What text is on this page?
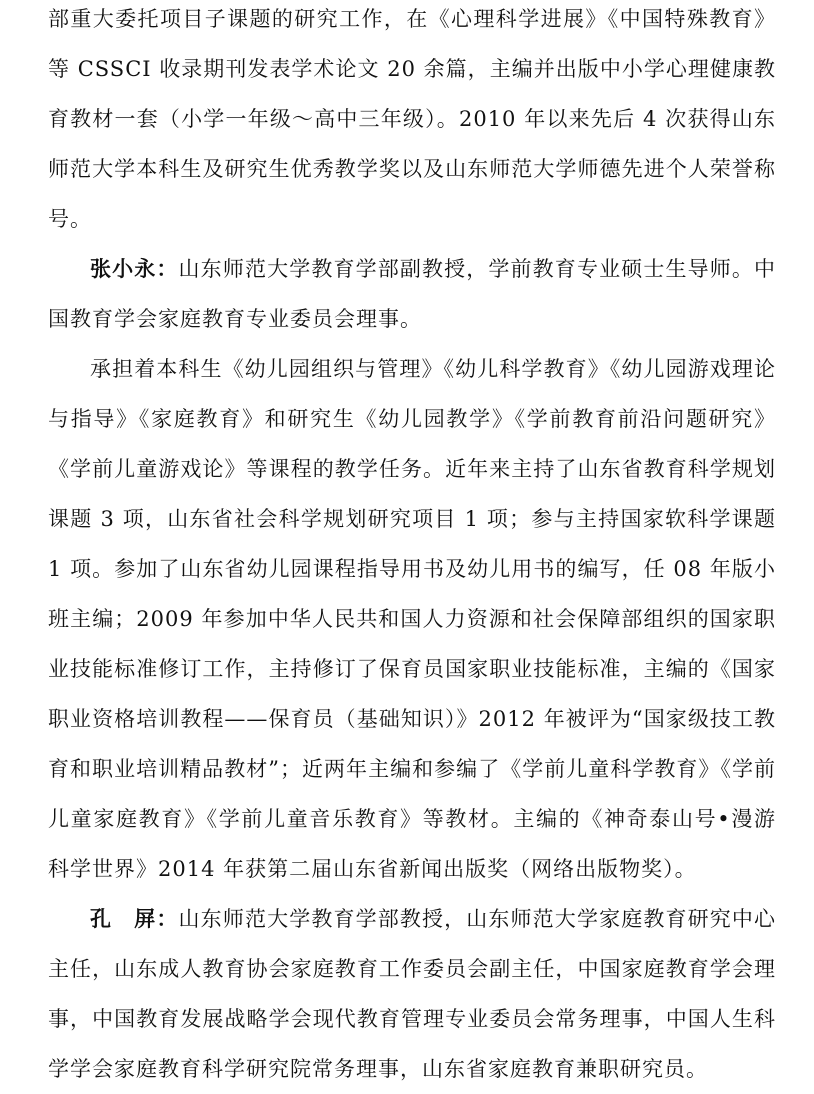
部重大委托项目子课题的研究工作，在《心理科学进展》《中国特殊教育》等 CSSCI 收录期刊发表学术论文 20 余篇，主编并出版中小学心理健康教育教材一套（小学一年级～高中三年级）。2010 年以来先后 4 次获得山东师范大学本科生及研究生优秀教学奖以及山东师范大学师德先进个人荣誉称号。

张小永：山东师范大学教育学部副教授，学前教育专业硕士生导师。中国教育学会家庭教育专业委员会理事。

承担着本科生《幼儿园组织与管理》《幼儿科学教育》《幼儿园游戏理论与指导》《家庭教育》和研究生《幼儿园教学》《学前教育前沿问题研究》《学前儿童游戏论》等课程的教学任务。近年来主持了山东省教育科学规划课题 3 项，山东省社会科学规划研究项目 1 项；参与主持国家软科学课题 1 项。参加了山东省幼儿园课程指导用书及幼儿用书的编写，任 08 年版小班主编；2009 年参加中华人民共和国人力资源和社会保障部组织的国家职业技能标准修订工作，主持修订了保育员国家职业技能标准，主编的《国家职业资格培训教程——保育员（基础知识）》2012 年被评为“国家级技工教育和职业培训精品教材”；近两年主编和参编了《学前儿童科学教育》《学前儿童家庭教育》《学前儿童音乐教育》等教材。主编的《神奇泰山号•漫游科学世界》2014 年获第二届山东省新闻出版奖（网络出版物奖）。

孔　屏：山东师范大学教育学部教授，山东师范大学家庭教育研究中心主任，山东成人教育协会家庭教育工作委员会副主任，中国家庭教育学会理事，中国教育发展战略学会现代教育管理专业委员会常务理事，中国人生科学学会家庭教育科学研究院常务理事，山东省家庭教育兼职研究员。
